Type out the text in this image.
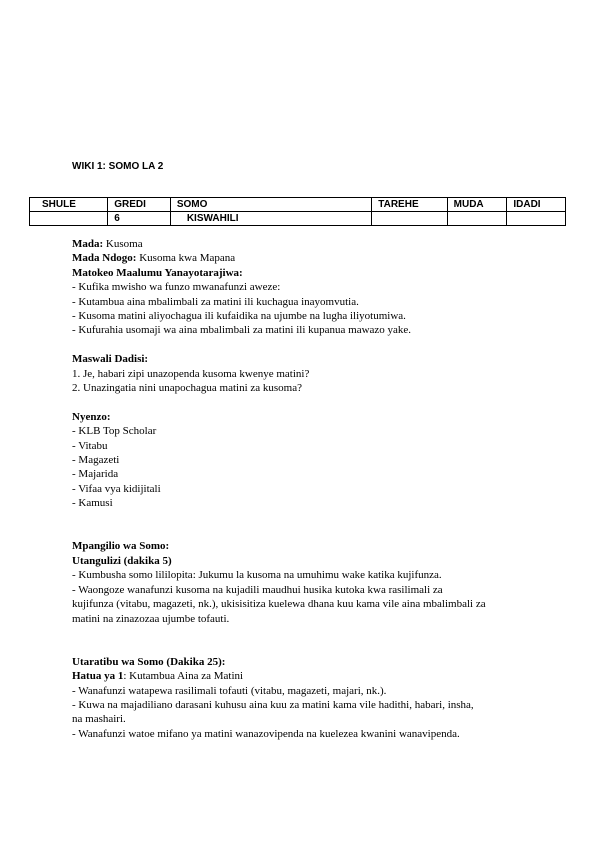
WIKI 1: SOMO LA 2
SHULE	GREDI	SOMO	TAREHE	MUDA	IDADI
	6	KISWAHILI			
Mada: Kusoma
Mada Ndogo: Kusoma kwa Mapana
Matokeo Maalumu Yanayotarajiwa:
- Kufika mwisho wa funzo mwanafunzi aweze:
- Kutambua aina mbalimbali za matini ili kuchagua inayomvutia.
- Kusoma matini aliyochagua ili kufaidika na ujumbe na lugha iliyotumiwa.
- Kufurahia usomaji wa aina mbalimbali za matini ili kupanua mawazo yake.
Maswali Dadisi:
1. Je, habari zipi unazopenda kusoma kwenye matini?
2. Unazingatia nini unapochagua matini za kusoma?
Nyenzo:
- KLB Top Scholar
- Vitabu
- Magazeti
- Majarida
- Vifaa vya kidijitali
- Kamusi
Mpangilio wa Somo:
Utangulizi (dakika 5)
- Kumbusha somo lililopita: Jukumu la kusoma na umuhimu wake katika kujifunza.
- Waongoze wanafunzi kusoma na kujadili maudhui husika kutoka kwa rasilimali za
kujifunza (vitabu, magazeti, nk.), ukisisitiza kuelewa dhana kuu kama vile aina mbalimbali za
matini na zinazozaa ujumbe tofauti.
Utaratibu wa Somo (Dakika 25):
Hatua ya 1: Kutambua Aina za Matini
- Wanafunzi watapewa rasilimali tofauti (vitabu, magazeti, majari, nk.).
- Kuwa na majadiliano darasani kuhusu aina kuu za matini kama vile hadithi, habari, insha,
na mashairi.
- Wanafunzi watoe mifano ya matini wanazovipenda na kuelezea kwanini wanavipenda.
